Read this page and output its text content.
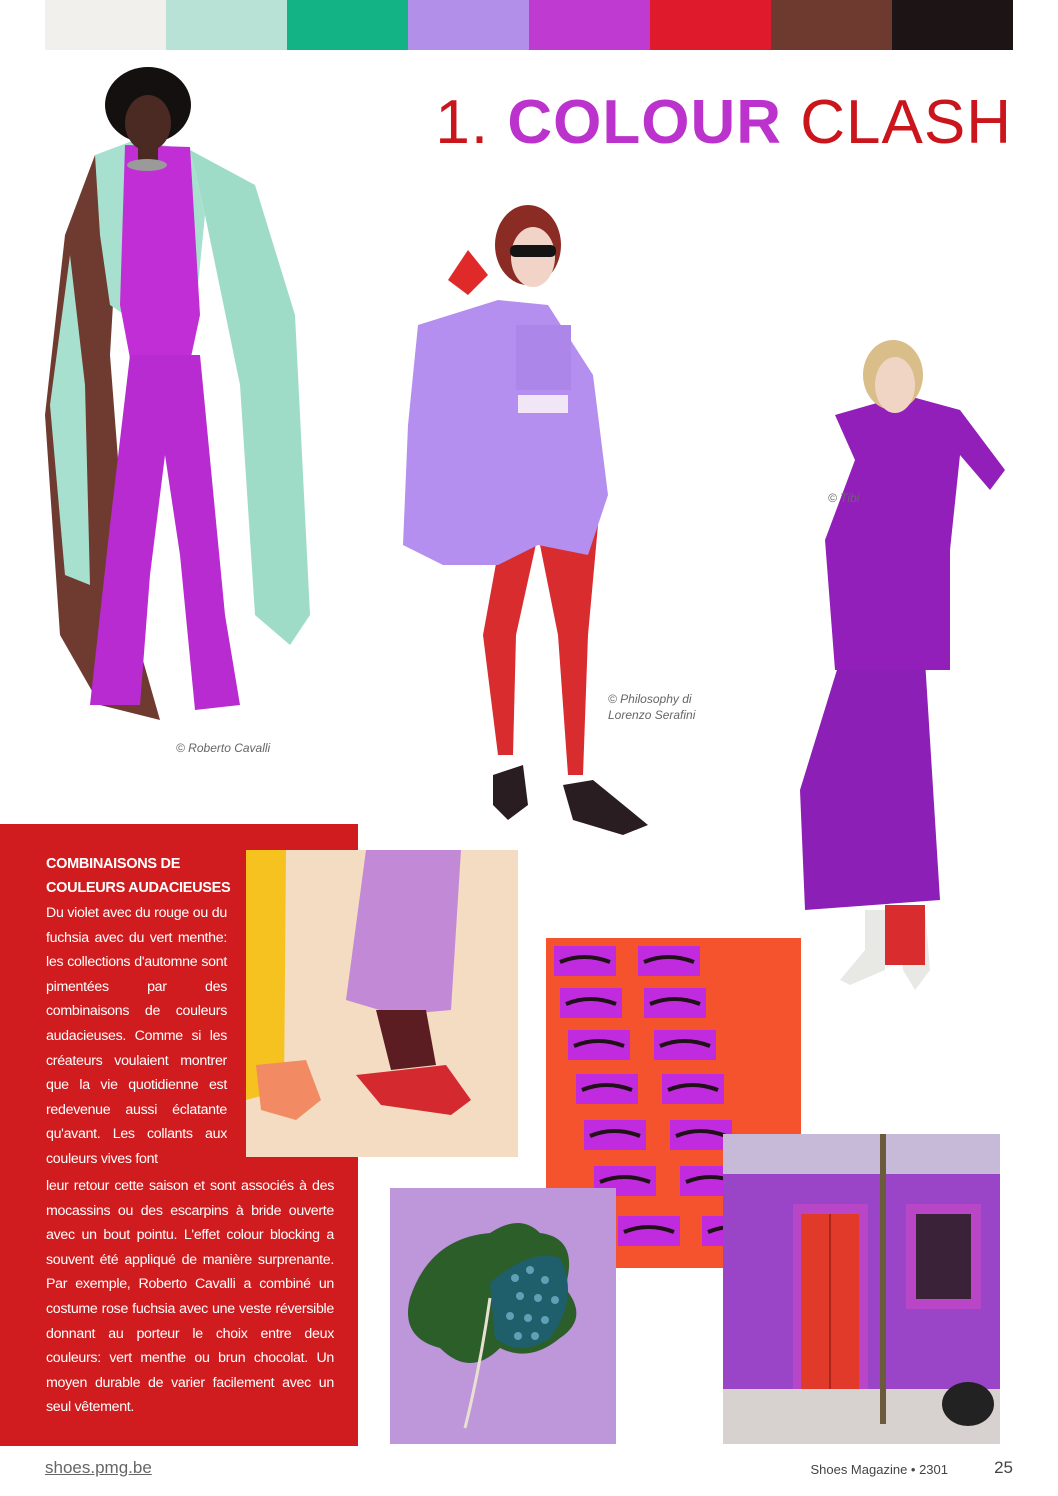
1. COLOUR CLASH
© Roberto Cavalli
© Philosophy di
Lorenzo Serafini
© Tibi
COMBINAISONS DE COULEURS AUDACIEUSES

Du violet avec du rouge ou du fuchsia avec du vert menthe: les collections d'automne sont pimentées par des combinaisons de couleurs audacieuses. Comme si les créateurs voulaient montrer que la vie quotidienne est redevenue aussi éclatante qu'avant. Les collants aux couleurs vives font

leur retour cette saison et sont associés à des mocassins ou des escarpins à bride ouverte avec un bout pointu. L'effet colour blocking a souvent été appliqué de manière surprenante. Par exemple, Roberto Cavalli a combiné un costume rose fuchsia avec une veste réversible donnant au porteur le choix entre deux couleurs: vert menthe ou brun chocolat. Un moyen durable de varier facilement avec un seul vêtement.

shoes.pmg.be	Shoes Magazine • 2301	25
